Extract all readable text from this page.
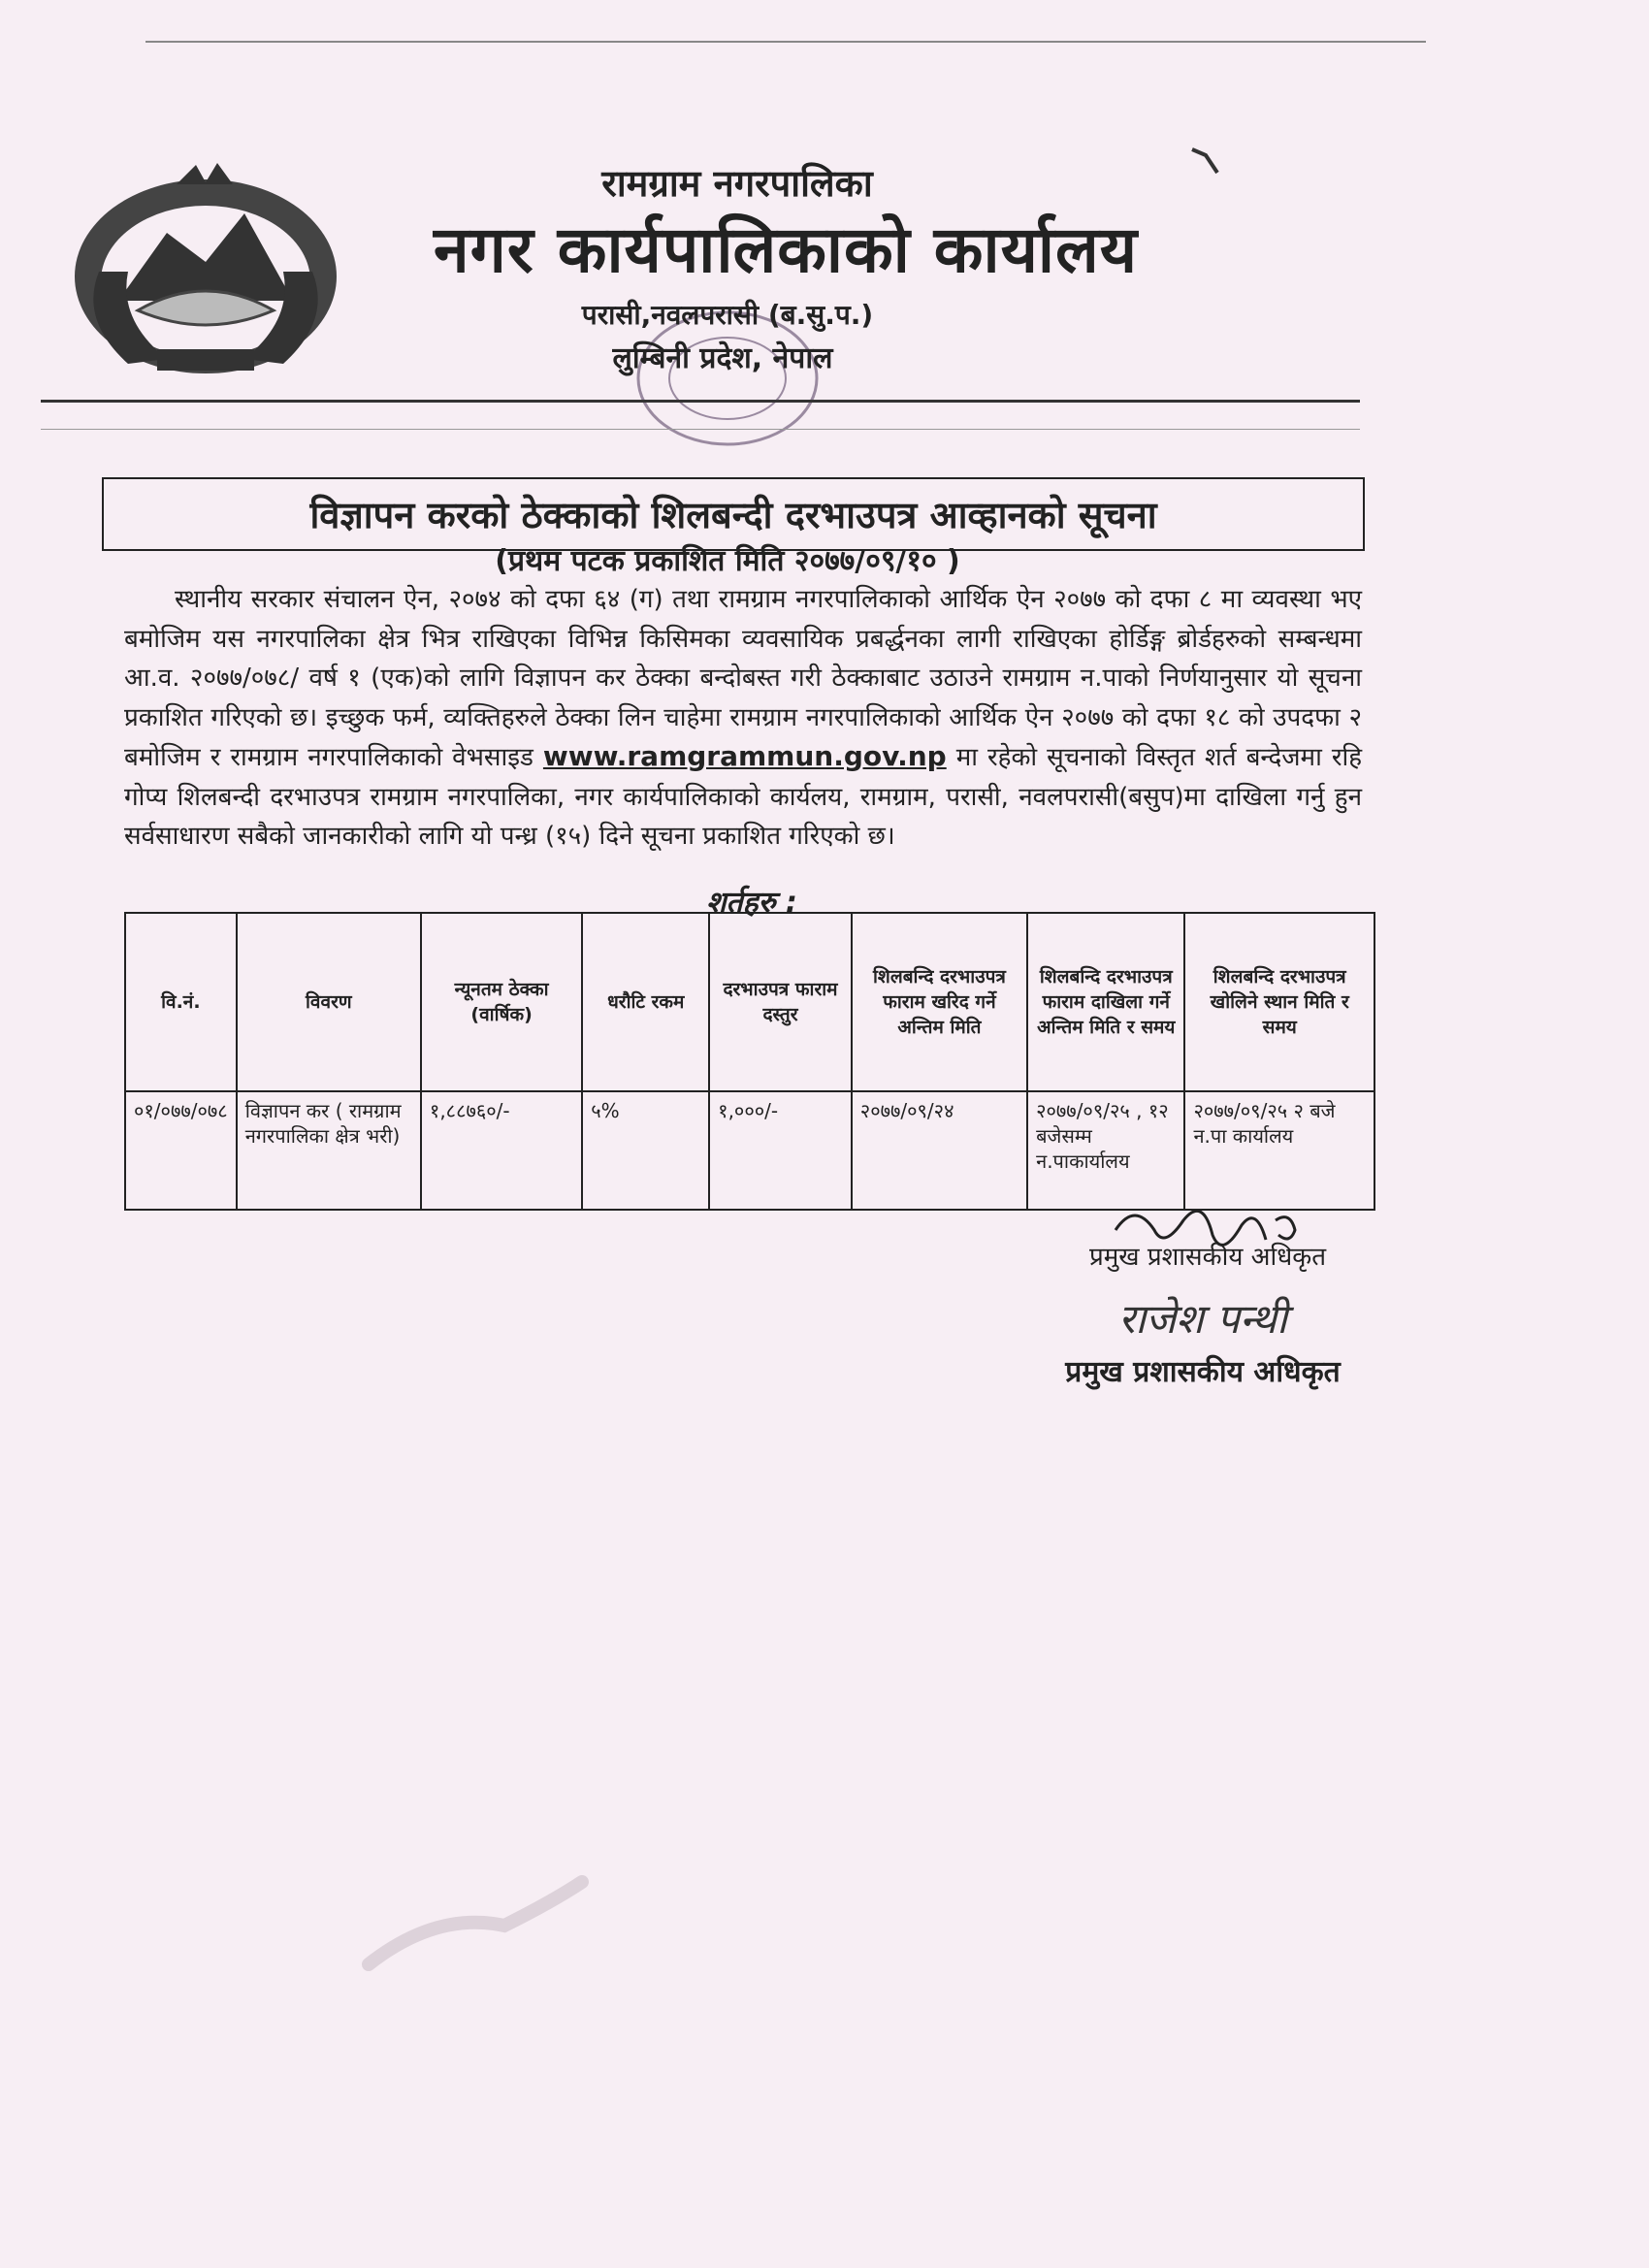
रामग्राम नगरपालिका
नगर कार्यपालिकाको कार्यालय
परासी,नवलपरासी (ब.सु.प.)
लुम्बिनी प्रदेश, नेपाल
विज्ञापन करको ठेक्काको शिलबन्दी दरभाउपत्र आव्हानको सूचना
(प्रथम पटक प्रकाशित मिति २०७७/०९/१० )
स्थानीय सरकार संचालन ऐन, २०७४ को दफा ६४ (ग) तथा रामग्राम नगरपालिकाको आर्थिक ऐन २०७७ को दफा ८ मा व्यवस्था भए बमोजिम यस नगरपालिका क्षेत्र भित्र राखिएका विभिन्न किसिमका व्यवसायिक प्रबर्द्धनका लागी राखिएका होर्डिङ्ग ब्रोर्डहरुको सम्बन्धमा आ.व. २०७७/०७८/ वर्ष १ (एक)को लागि विज्ञापन कर ठेक्का बन्दोबस्त गरी ठेक्काबाट उठाउने रामग्राम न.पाको निर्णयानुसार यो सूचना प्रकाशित गरिएको छ। इच्छुक फर्म, व्यक्तिहरुले ठेक्का लिन चाहेमा रामग्राम नगरपालिकाको आर्थिक ऐन २०७७ को दफा १८ को उपदफा २ बमोजिम र रामग्राम नगरपालिकाको वेभसाइड www.ramgrammun.gov.np मा रहेको सूचनाको विस्तृत शर्त बन्देजमा रहि गोप्य शिलबन्दी दरभाउपत्र रामग्राम नगरपालिका, नगर कार्यपालिकाको कार्यलय, रामग्राम, परासी, नवलपरासी(बसुप)मा दाखिला गर्नु हुन सर्वसाधारण सबैको जानकारीको लागि यो पन्ध्र (१५) दिने सूचना प्रकाशित गरिएको छ।
शर्तहरु :
वि.नं.	विवरण	न्यूनतम ठेक्का (वार्षिक)	धरौटि रकम	दरभाउपत्र फाराम दस्तुर	शिलबन्दि दरभाउपत्र फाराम खरिद गर्ने अन्तिम मिति	शिलबन्दि दरभाउपत्र फाराम दाखिला गर्ने अन्तिम मिति र समय	शिलबन्दि दरभाउपत्र खोलिने स्थान मिति र समय
०१/०७७/०७८	विज्ञापन कर ( रामग्राम नगरपालिका क्षेत्र भरी)	१,८८७६०/-	५%	१,०००/-	२०७७/०९/२४	२०७७/०९/२५ , १२ बजेसम्म न.पाकार्यालय	२०७७/०९/२५ २ बजे न.पा कार्यालय
प्रमुख प्रशासकीय अधिकृत
राजेश पन्थी
प्रमुख प्रशासकीय अधिकृत
